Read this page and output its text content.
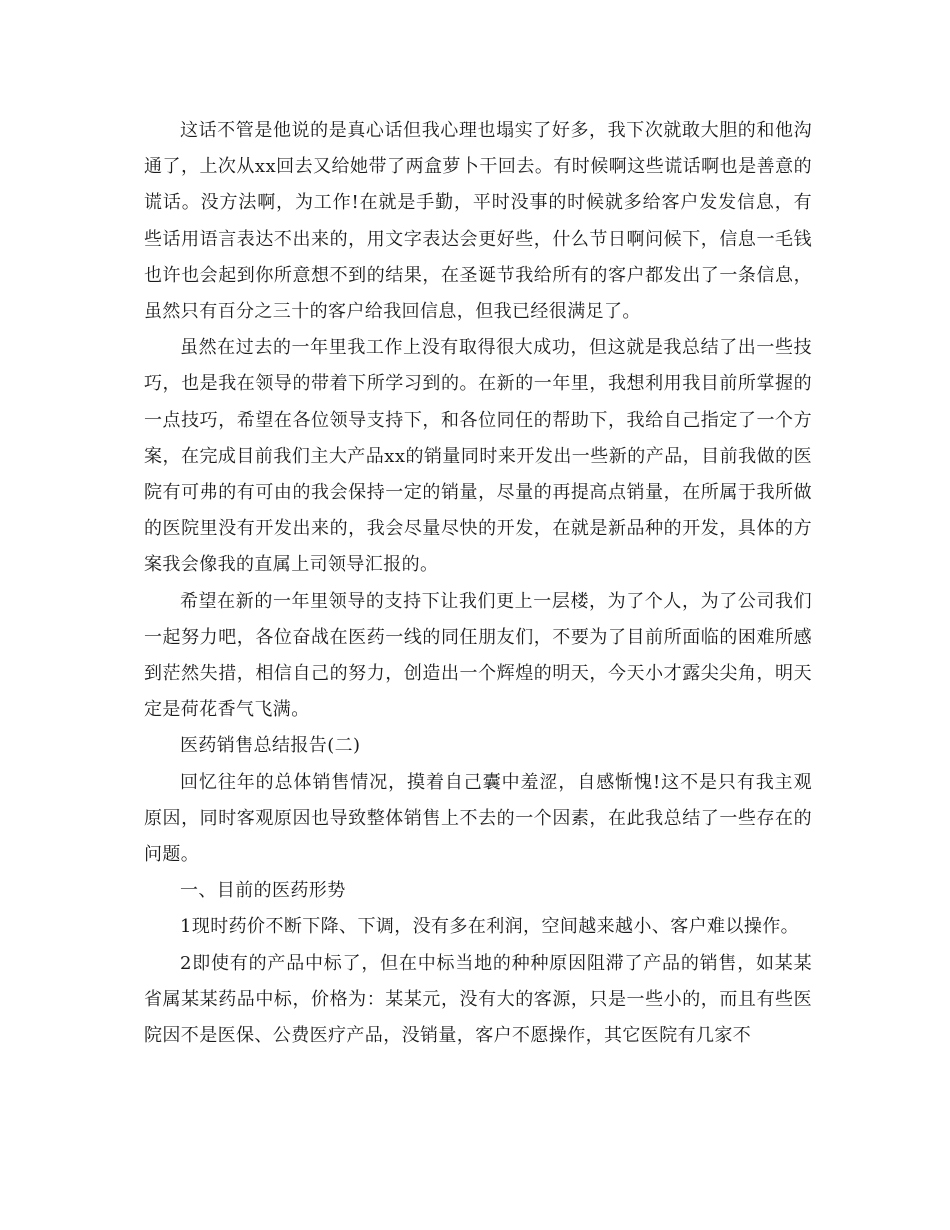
这话不管是他说的是真心话但我心理也塌实了好多，我下次就敢大胆的和他沟通了，上次从xx回去又给她带了两盒萝卜干回去。有时候啊这些谎话啊也是善意的谎话。没方法啊，为工作!在就是手勤，平时没事的时候就多给客户发发信息，有些话用语言表达不出来的，用文字表达会更好些，什么节日啊问候下，信息一毛钱也许也会起到你所意想不到的结果，在圣诞节我给所有的客户都发出了一条信息，虽然只有百分之三十的客户给我回信息，但我已经很满足了。

虽然在过去的一年里我工作上没有取得很大成功，但这就是我总结了出一些技巧，也是我在领导的带着下所学习到的。在新的一年里，我想利用我目前所掌握的一点技巧，希望在各位领导支持下，和各位同仼的帮助下，我给自己指定了一个方案，在完成目前我们主大产品xx的销量同时来开发出一些新的产品，目前我做的医院有可弗的有可由的我会保持一定的销量，尽量的再提高点销量，在所属于我所做的医院里没有开发出来的，我会尽量尽快的开发，在就是新品种的开发，具体的方案我会像我的直属上司领导汇报的。

希望在新的一年里领导的支持下让我们更上一层楼，为了个人，为了公司我们一起努力吧，各位奋战在医药一线的同仼朋友们，不要为了目前所面临的困难所感到茫然失措，相信自己的努力，创造出一个辉煌的明天，今天小才露尖尖角，明天定是荷花香气飞满。

医药销售总结报告(二)

回忆往年的总体销售情况，摸着自己囊中羞涩，自感惭愧!这不是只有我主观原因，同时客观原因也导致整体销售上不去的一个因素，在此我总结了一些存在的问题。

一、目前的医药形势

1现时药价不断下降、下调，没有多在利润，空间越来越小、客户难以操作。

2即使有的产品中标了，但在中标当地的种种原因阻滞了产品的销售，如某某省属某某药品中标，价格为：某某元，没有大的客源，只是一些小的，而且有些医院因不是医保、公费医疗产品，没销量，客户不愿操作，其它医院有几家不
